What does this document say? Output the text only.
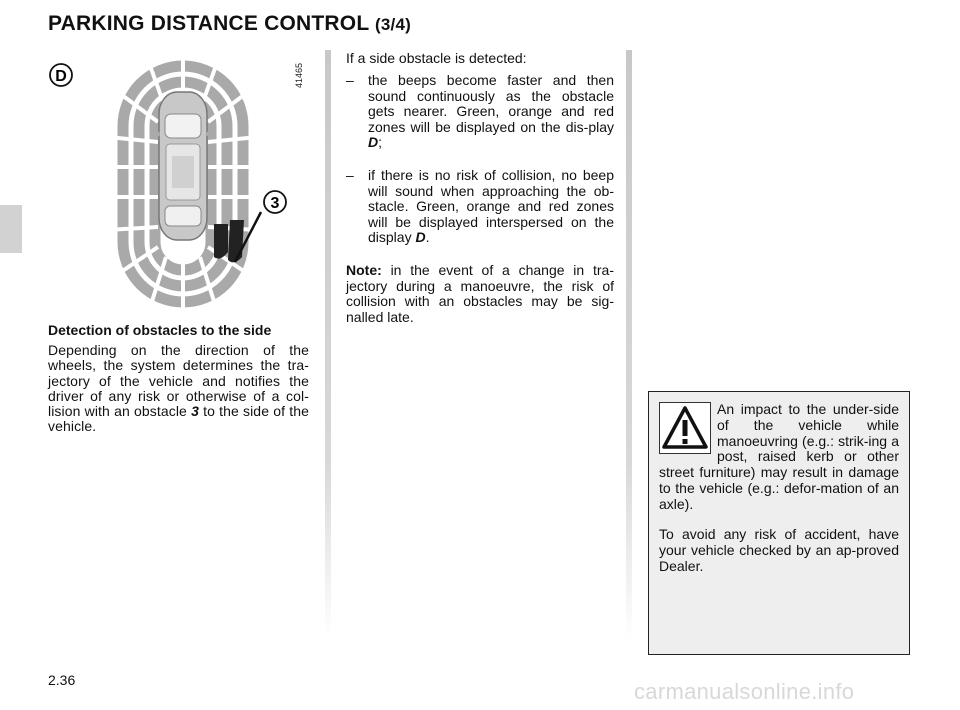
PARKING DISTANCE CONTROL (3/4)
D
3
41465
Detection of obstacles to the side
Depending on the direction of the wheels, the system determines the tra-jectory of the vehicle and notifies the driver of any risk or otherwise of a col-lision with an obstacle 3 to the side of the vehicle.
If a side obstacle is detected:
–	the beeps become faster and then sound continuously as the obstacle gets nearer. Green, orange and red zones will be displayed on the dis-play D;
–	if there is no risk of collision, no beep will sound when approaching the ob-stacle. Green, orange and red zones will be displayed interspersed on the display D.
Note: in the event of a change in tra-jectory during a manoeuvre, the risk of collision with an obstacles may be sig-nalled late.
An impact to the under-side of the vehicle while manoeuvring (e.g.: strik-ing a post, raised kerb or other street furniture) may result in damage to the vehicle (e.g.: defor-mation of an axle).
To avoid any risk of accident, have your vehicle checked by an ap-proved Dealer.
2.36	carmanualsonline.info
